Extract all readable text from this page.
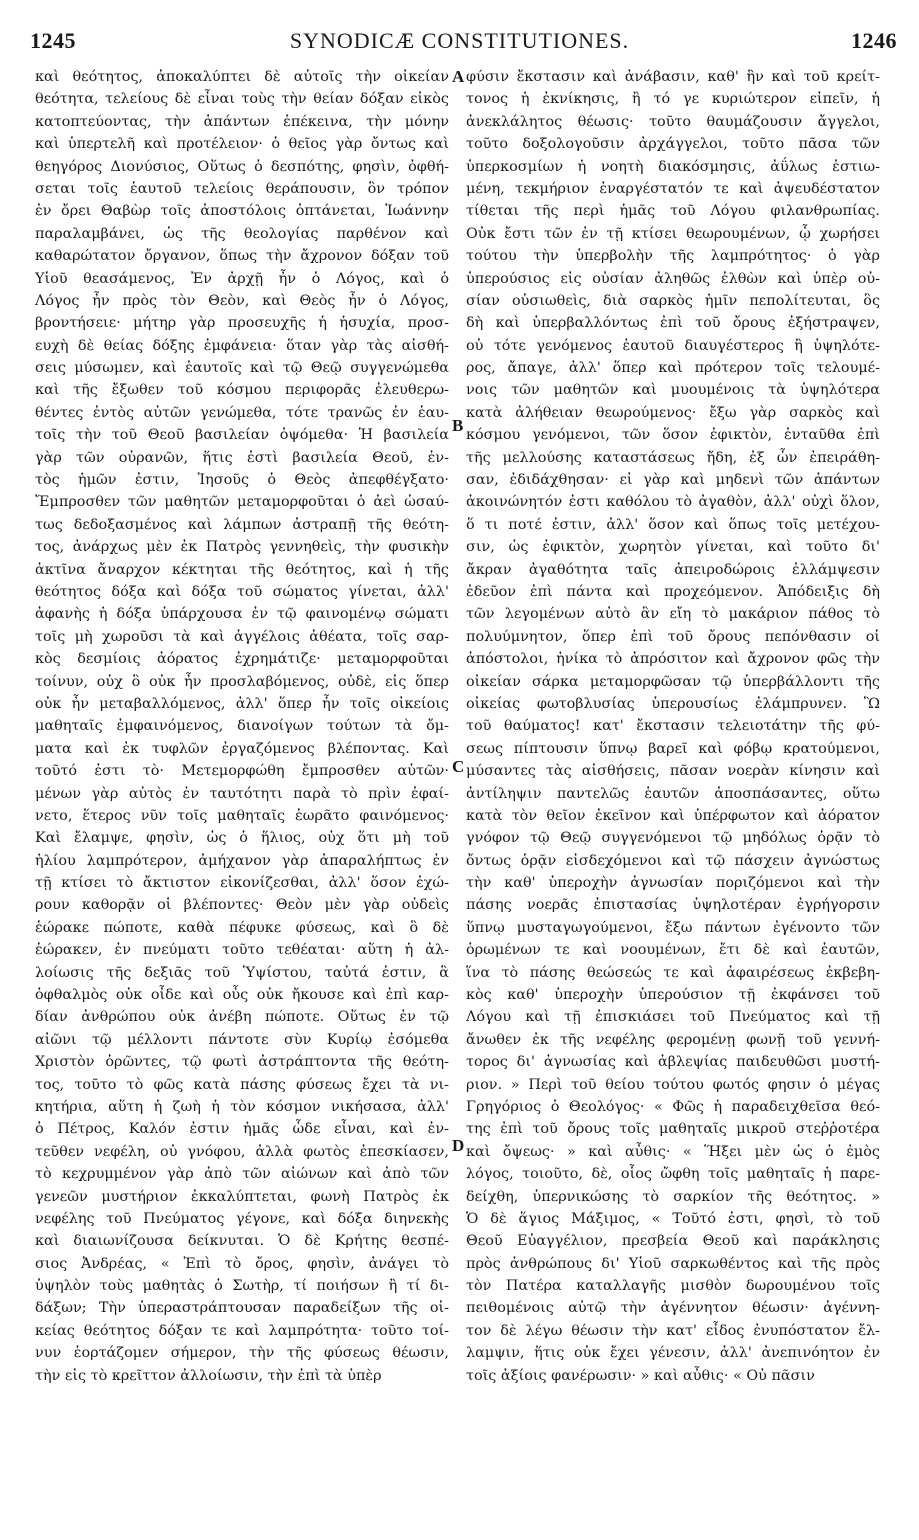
1245	SYNODICÆ CONSTITUTIONES.	1246
καὶ θεότητος, ἀποκαλύπτει δὲ αὐτοῖς τὴν οἰκείαν
θεότητα, τελείους δὲ εἶναι τοὺς τὴν θείαν δόξαν εἰκὸς
κατοπτεύοντας, τὴν ἁπάντων ἐπέκεινα, τὴν μόνην
καὶ ὑπερτελῆ καὶ προτέλειον· ὁ θεῖος γὰρ ὄντως καὶ
θεηγόρος Διονύσιος, Οὕτως ὁ δεσπότης, φησὶν, ὀφθή-
σεται τοῖς ἑαυτοῦ τελείοις θεράπουσιν, ὃν τρόπον
ἐν ὄρει Θαβὼρ τοῖς ἀποστόλοις ὀπτάνεται, Ἰωάννην
παραλαμβάνει, ὡς τῆς θεολογίας παρθένον καὶ
καθαρώτατον ὄργανον, ὅπως τὴν ἄχρονον δόξαν τοῦ
Υἱοῦ θεασάμενος, Ἐν ἀρχῇ ἦν ὁ Λόγος, καὶ ὁ
Λόγος ἦν πρὸς τὸν Θεὸν, καὶ Θεὸς ἦν ὁ Λόγος,
βροντήσειε· μήτηρ γὰρ προσευχῆς ἡ ἡσυχία, προσ-
ευχὴ δὲ θείας δόξης ἐμφάνεια· ὅταν γὰρ τὰς αἰσθή-
σεις μύσωμεν, καὶ ἑαυτοῖς καὶ τῷ Θεῷ συγγενώμεθα
καὶ τῆς ἔξωθεν τοῦ κόσμου περιφορᾶς ἐλευθερω-
θέντες ἐντὸς αὐτῶν γενώμεθα, τότε τρανῶς ἐν ἑαυ-
τοῖς τὴν τοῦ Θεοῦ βασιλείαν ὀψόμεθα· Ἡ βασιλεία
γὰρ τῶν οὐρανῶν, ἥτις ἐστὶ βασιλεία Θεοῦ, ἐν-
τὸς ἡμῶν ἐστιν, Ἰησοῦς ὁ Θεὸς ἀπεφθέγξατο·
Ἔμπροσθεν τῶν μαθητῶν μεταμορφοῦται ὁ ἀεὶ ὡσαύ-
τως δεδοξασμένος καὶ λάμπων ἀστραπῇ τῆς θεότη-
τος, ἀνάρχως μὲν ἐκ Πατρὸς γεννηθεὶς, τὴν φυσικὴν
ἀκτῖνα ἄναρχον κέκτηται τῆς θεότητος, καὶ ἡ τῆς
θεότητος δόξα καὶ δόξα τοῦ σώματος γίνεται, ἀλλ'
ἀφανὴς ἡ δόξα ὑπάρχουσα ἐν τῷ φαινομένῳ σώματι
τοῖς μὴ χωροῦσι τὰ καὶ ἀγγέλοις ἀθέατα, τοῖς σαρ-
κὸς δεσμίοις ἀόρατος ἐχρημάτιζε· μεταμορφοῦται
τοίνυν, οὐχ ὃ οὐκ ἦν προσλαβόμενος, οὐδὲ, εἰς ὅπερ
οὐκ ἦν μεταβαλλόμενος, ἀλλ' ὅπερ ἦν τοῖς οἰκείοις
μαθηταῖς ἐμφαινόμενος, διανοίγων τούτων τὰ ὄμ-
ματα καὶ ἐκ τυφλῶν ἐργαζόμενος βλέποντας. Καὶ
τοῦτό ἐστι τὸ· Μετεμορφώθη ἔμπροσθεν αὐτῶν·
μένων γὰρ αὐτὸς ἐν ταυτότητι παρὰ τὸ πρὶν ἐφαί-
νετο, ἕτερος νῦν τοῖς μαθηταῖς ἑωρᾶτο φαινόμενος·
Καὶ ἔλαμψε, φησὶν, ὡς ὁ ἥλιος, οὐχ ὅτι μὴ τοῦ
ἡλίου λαμπρότερον, ἀμήχανον γὰρ ἀπαραλήπτως ἐν
τῇ κτίσει τὸ ἄκτιστον εἰκονίζεσθαι, ἀλλ' ὅσον ἐχώ-
ρουν καθορᾷν οἱ βλέποντες· Θεὸν μὲν γὰρ οὐδεὶς
ἑώρακε πώποτε, καθὰ πέφυκε φύσεως, καὶ ὃ δὲ
ἑώρακεν, ἐν πνεύματι τοῦτο τεθέαται· αὕτη ἡ ἀλ-
λοίωσις τῆς δεξιᾶς τοῦ Ὑψίστου, ταὐτά ἐστιν, ἃ
ὀφθαλμὸς οὐκ οἶδε καὶ οὖς οὐκ ἤκουσε καὶ ἐπὶ καρ-
δίαν ἀνθρώπου οὐκ ἀνέβη πώποτε. Οὕτως ἐν τῷ
αἰῶνι τῷ μέλλοντι πάντοτε σὺν Κυρίῳ ἐσόμεθα
Χριστὸν ὁρῶντες, τῷ φωτὶ ἀστράπτοντα τῆς θεότη-
τος, τοῦτο τὸ φῶς κατὰ πάσης φύσεως ἔχει τὰ νι-
κητήρια, αὕτη ἡ ζωὴ ἡ τὸν κόσμον νικήσασα, ἀλλ'
ὁ Πέτρος, Καλόν ἐστιν ἡμᾶς ὧδε εἶναι, καὶ ἐν-
τεῦθεν νεφέλη, οὐ γνόφου, ἀλλὰ φωτὸς ἐπεσκίασεν,
τὸ κεχρυμμένον γὰρ ἀπὸ τῶν αἰώνων καὶ ἀπὸ τῶν
γενεῶν μυστήριον ἐκκαλύπτεται, φωνὴ Πατρὸς ἐκ
νεφέλης τοῦ Πνεύματος γέγονε, καὶ δόξα διηνεκὴς
καὶ διαιωνίζουσα δείκνυται. Ὁ δὲ Κρήτης θεσπέ-
σιος Ἀνδρέας, « Ἐπὶ τὸ ὄρος, φησὶν, ἀνάγει τὸ
ὑψηλὸν τοὺς μαθητὰς ὁ Σωτὴρ, τί ποιήσων ἢ τί δι-
δάξων; Τὴν ὑπεραστράπτουσαν παραδείξων τῆς οἰ-
κείας θεότητος δόξαν τε καὶ λαμπρότητα· τοῦτο τοί-
νυν ἑορτάζομεν σήμερον, τὴν τῆς φύσεως θέωσιν,
τὴν εἰς τὸ κρεῖττον ἀλλοίωσιν, τὴν ἐπὶ τὰ ὑπὲρ
φύσιν ἔκστασιν καὶ ἀνάβασιν, καθ' ἣν καὶ τοῦ κρείτ-
τονος ἡ ἐκνίκησις, ἢ τό γε κυριώτερον εἰπεῖν, ἡ
ἀνεκλάλητος θέωσις· τοῦτο θαυμάζουσιν ἄγγελοι,
τοῦτο δοξολογοῦσιν ἀρχάγγελοι, τοῦτο πᾶσα τῶν
ὑπερκοσμίων ἡ νοητὴ διακόσμησις, ἀΰλως ἑστιω-
μένη, τεκμήριον ἐναργέστατόν τε καὶ ἀψευδέστατον
τίθεται τῆς περὶ ἡμᾶς τοῦ Λόγου φιλανθρωπίας.
Οὐκ ἔστι τῶν ἐν τῇ κτίσει θεωρουμένων, ᾧ χωρήσει
τούτου τὴν ὑπερβολὴν τῆς λαμπρότητος· ὁ γὰρ
ὑπερούσιος εἰς οὐσίαν ἀληθῶς ἐλθὼν καὶ ὑπὲρ οὐ-
σίαν οὐσιωθεὶς, διὰ σαρκὸς ἡμῖν πεπολίτευται, ὃς
δὴ καὶ ὑπερβαλλόντως ἐπὶ τοῦ ὄρους ἐξήστραψεν,
οὐ τότε γενόμενος ἑαυτοῦ διαυγέστερος ἢ ὑψηλότε-
ρος, ἄπαγε, ἀλλ' ὅπερ καὶ πρότερον τοῖς τελουμέ-
νοις τῶν μαθητῶν καὶ μυουμένοις τὰ ὑψηλότερα
κατὰ ἀλήθειαν θεωρούμενος· ἔξω γὰρ σαρκὸς καὶ
κόσμου γενόμενοι, τῶν ὅσον ἐφικτὸν, ἐνταῦθα ἐπὶ
τῆς μελλούσης καταστάσεως ἤδη, ἐξ ὧν ἐπειράθη-
σαν, ἐδιδάχθησαν· εἰ γὰρ καὶ μηδενὶ τῶν ἁπάντων
ἀκοινώνητόν ἐστι καθόλου τὸ ἀγαθὸν, ἀλλ' οὐχὶ ὅλον,
ὅ τι ποτέ ἐστιν, ἀλλ' ὅσον καὶ ὅπως τοῖς μετέχου-
σιν, ὡς ἐφικτὸν, χωρητὸν γίνεται, καὶ τοῦτο δι'
ἄκραν ἀγαθότητα ταῖς ἀπειροδώροις ἐλλάμψεσιν
ἐδεῦον ἐπὶ πάντα καὶ προχεόμενον. Ἀπόδειξις δὴ
τῶν λεγομένων αὐτὸ ἂν εἴη τὸ μακάριον πάθος τὸ
πολυύμνητον, ὅπερ ἐπὶ τοῦ ὄρους πεπόνθασιν οἱ
ἀπόστολοι, ἡνίκα τὸ ἀπρόσιτον καὶ ἄχρονον φῶς τὴν
οἰκείαν σάρκα μεταμορφῶσαν τῷ ὑπερβάλλοντι τῆς
οἰκείας φωτοβλυσίας ὑπερουσίως ἐλάμπρυνεν. Ὢ
τοῦ θαύματος! κατ' ἔκστασιν τελειοτάτην τῆς φύ-
σεως πίπτουσιν ὕπνῳ βαρεῖ καὶ φόβῳ κρατούμενοι,
μύσαντες τὰς αἰσθήσεις, πᾶσαν νοερὰν κίνησιν καὶ
ἀντίληψιν παντελῶς ἑαυτῶν ἀποσπάσαντες, οὕτω
κατὰ τὸν θεῖον ἐκεῖνον καὶ ὑπέρφωτον καὶ ἀόρατον
γνόφον τῷ Θεῷ συγγενόμενοι τῷ μηδόλως ὁρᾷν τὸ
ὄντως ὁρᾷν εἰσδεχόμενοι καὶ τῷ πάσχειν ἀγνώστως
τὴν καθ' ὑπεροχὴν ἀγνωσίαν ποριζόμενοι καὶ τὴν
πάσης νοερᾶς ἐπιστασίας ὑψηλοτέραν ἐγρήγορσιν
ὕπνῳ μυσταγωγούμενοι, ἔξω πάντων ἐγένοντο τῶν
ὁρωμένων τε καὶ νοουμένων, ἔτι δὲ καὶ ἑαυτῶν,
ἵνα τὸ πάσης θεώσεώς τε καὶ ἀφαιρέσεως ἐκβεβη-
κὸς καθ' ὑπεροχὴν ὑπερούσιον τῇ ἐκφάνσει τοῦ
Λόγου καὶ τῇ ἐπισκιάσει τοῦ Πνεύματος καὶ τῇ
ἄνωθεν ἐκ τῆς νεφέλης φερομένῃ φωνῇ τοῦ γεννή-
τορος δι' ἀγνωσίας καὶ ἀβλεψίας παιδευθῶσι μυστή-
ριον. » Περὶ τοῦ θείου τούτου φωτός φησιν ὁ μέγας
Γρηγόριος ὁ Θεολόγος· « Φῶς ἡ παραδειχθεῖσα θεό-
της ἐπὶ τοῦ ὄρους τοῖς μαθηταῖς μικροῦ στεῤῥοτέρα
καὶ ὄψεως· » καὶ αὖθις· « Ἥξει μὲν ὡς ὁ ἐμὸς
λόγος, τοιοῦτο, δὲ, οἷος ὤφθη τοῖς μαθηταῖς ἡ παρε-
δείχθη, ὑπερνικώσης τὸ σαρκίον τῆς θεότητος. »
Ὁ δὲ ἅγιος Μάξιμος, « Τοῦτό ἐστι, φησὶ, τὸ τοῦ
Θεοῦ Εὐαγγέλιον, πρεσβεία Θεοῦ καὶ παράκλησις
πρὸς ἀνθρώπους δι' Υἱοῦ σαρκωθέντος καὶ τῆς πρὸς
τὸν Πατέρα καταλλαγῆς μισθὸν δωρουμένου τοῖς
πειθομένοις αὐτῷ τὴν ἀγέννητον θέωσιν· ἀγέννη-
τον δὲ λέγω θέωσιν τὴν κατ' εἶδος ἐνυπόστατον ἔλ-
λαμψιν, ἥτις οὐκ ἔχει γένεσιν, ἀλλ' ἀνεπινόητον ἐν
τοῖς ἀξίοις φανέρωσιν· » καὶ αὖθις· « Οὐ πᾶσιν
A
B
C
D
